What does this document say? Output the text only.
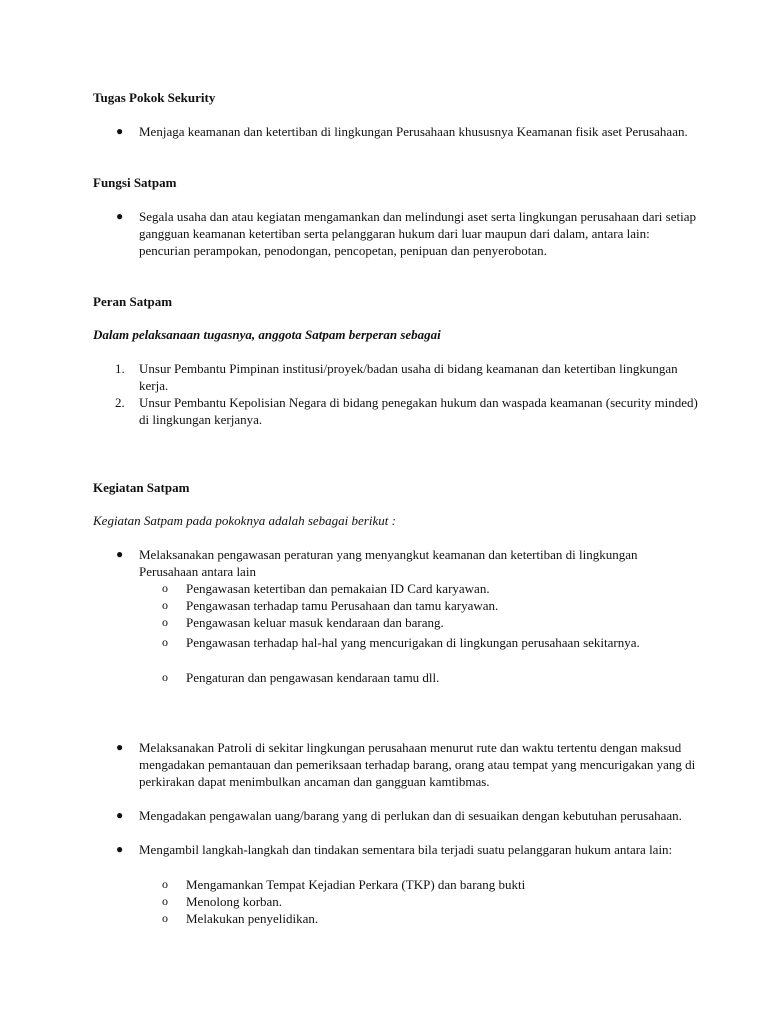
Tugas Pokok Sekurity
● Menjaga keamanan dan ketertiban di lingkungan Perusahaan khususnya Keamanan fisik aset Perusahaan.
Fungsi Satpam
● Segala usaha dan atau kegiatan mengamankan dan melindungi aset serta lingkungan perusahaan dari setiap gangguan keamanan ketertiban serta pelanggaran hukum dari luar maupun dari dalam, antara lain: pencurian perampokan, penodongan, pencopetan, penipuan dan penyerobotan.
Peran Satpam
Dalam pelaksanaan tugasnya, anggota Satpam berperan sebagai
1. Unsur Pembantu Pimpinan institusi/proyek/badan usaha di bidang keamanan dan ketertiban lingkungan kerja.
2. Unsur Pembantu Kepolisian Negara di bidang penegakan hukum dan waspada keamanan (security minded) di lingkungan kerjanya.
Kegiatan Satpam
Kegiatan Satpam pada pokoknya adalah sebagai berikut :
● Melaksanakan pengawasan peraturan yang menyangkut keamanan dan ketertiban di lingkungan Perusahaan antara lain
o Pengawasan ketertiban dan pemakaian ID Card karyawan.
o Pengawasan terhadap tamu Perusahaan dan tamu karyawan.
o Pengawasan keluar masuk kendaraan dan barang.
o Pengawasan terhadap hal-hal yang mencurigakan di lingkungan perusahaan sekitarnya.
o Pengaturan dan pengawasan kendaraan tamu dll.
● Melaksanakan Patroli di sekitar lingkungan perusahaan menurut rute dan waktu tertentu dengan maksud mengadakan pemantauan dan pemeriksaan terhadap barang, orang atau tempat yang mencurigakan yang di perkirakan dapat menimbulkan ancaman dan gangguan kamtibmas.
● Mengadakan pengawalan uang/barang yang di perlukan dan di sesuaikan dengan kebutuhan perusahaan.
● Mengambil langkah-langkah dan tindakan sementara bila terjadi suatu pelanggaran hukum antara lain:
o Mengamankan Tempat Kejadian Perkara (TKP) dan barang bukti
o Menolong korban.
o Melakukan penyelidikan.
